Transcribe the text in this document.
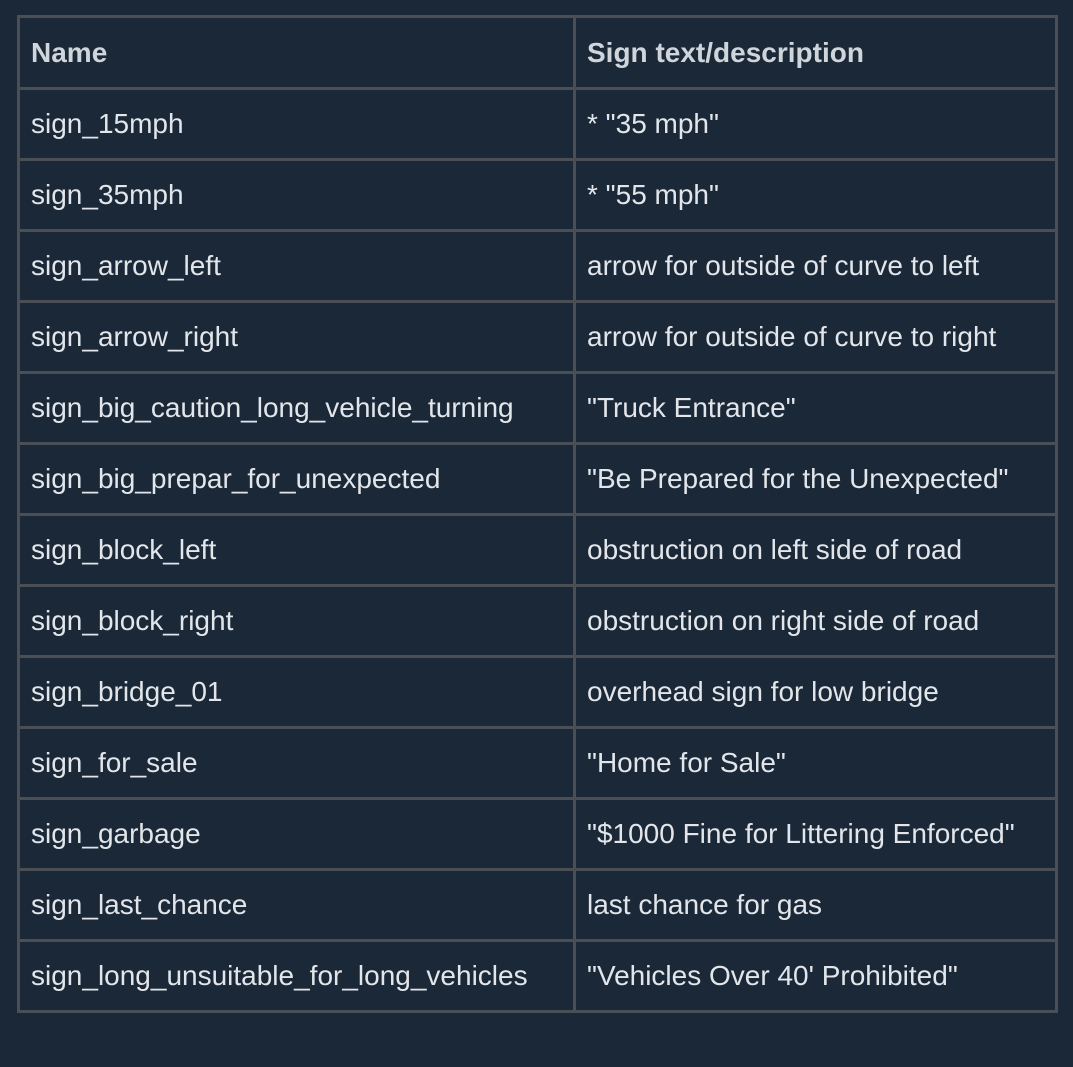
Name	Sign text/description
sign_15mph	* "35 mph"
sign_35mph	* "55 mph"
sign_arrow_left	arrow for outside of curve to left
sign_arrow_right	arrow for outside of curve to right
sign_big_caution_long_vehicle_turning	"Truck Entrance"
sign_big_prepar_for_unexpected	"Be Prepared for the Unexpected"
sign_block_left	obstruction on left side of road
sign_block_right	obstruction on right side of road
sign_bridge_01	overhead sign for low bridge
sign_for_sale	"Home for Sale"
sign_garbage	"$1000 Fine for Littering Enforced"
sign_last_chance	last chance for gas
sign_long_unsuitable_for_long_vehicles	"Vehicles Over 40' Prohibited"
